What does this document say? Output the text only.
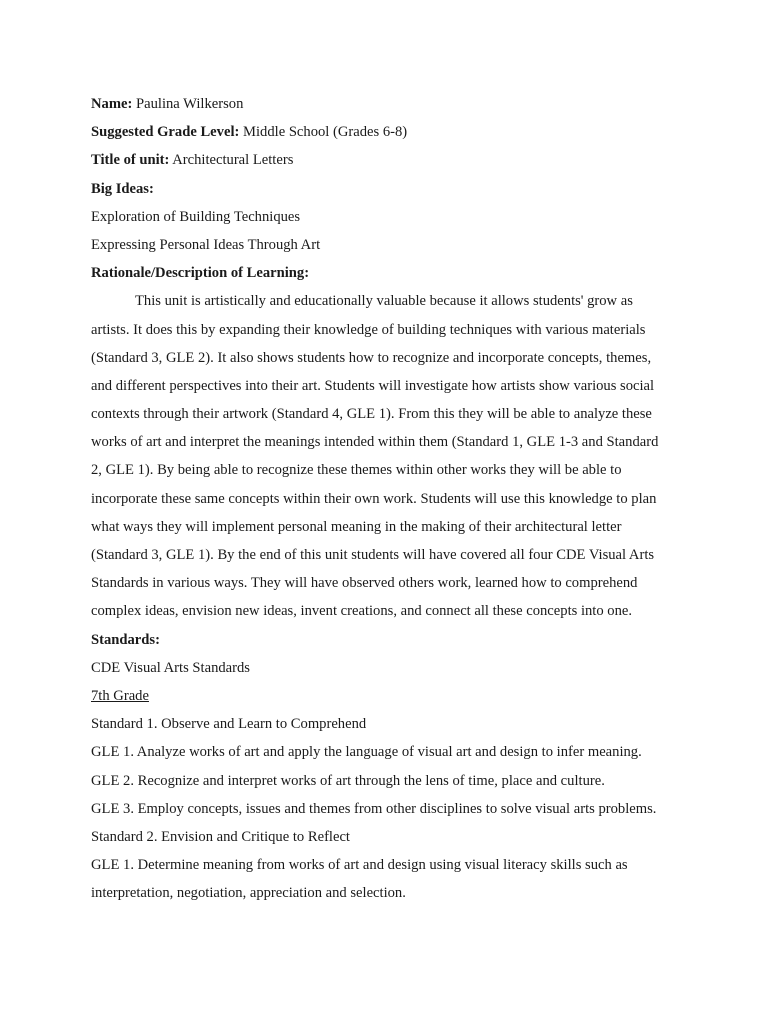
Name: Paulina Wilkerson
Suggested Grade Level: Middle School (Grades 6-8)
Title of unit: Architectural Letters
Big Ideas:
Exploration of Building Techniques
Expressing Personal Ideas Through Art
Rationale/Description of Learning:
This unit is artistically and educationally valuable because it allows students' grow as
artists. It does this by expanding their knowledge of building techniques with various materials
(Standard 3, GLE 2). It also shows students how to recognize and incorporate concepts, themes,
and different perspectives into their art. Students will investigate how artists show various social
contexts through their artwork (Standard 4, GLE 1). From this they will be able to analyze these
works of art and interpret the meanings intended within them (Standard 1, GLE 1-3 and Standard
2, GLE 1). By being able to recognize these themes within other works they will be able to
incorporate these same concepts within their own work. Students will use this knowledge to plan
what ways they will implement personal meaning in the making of their architectural letter
(Standard 3, GLE 1). By the end of this unit students will have covered all four CDE Visual Arts
Standards in various ways. They will have observed others work, learned how to comprehend
complex ideas, envision new ideas, invent creations, and connect all these concepts into one.
Standards:
CDE Visual Arts Standards
7th Grade
Standard 1. Observe and Learn to Comprehend
GLE 1. Analyze works of art and apply the language of visual art and design to infer meaning.
GLE 2. Recognize and interpret works of art through the lens of time, place and culture.
GLE 3. Employ concepts, issues and themes from other disciplines to solve visual arts problems.
Standard 2. Envision and Critique to Reflect
GLE 1. Determine meaning from works of art and design using visual literacy skills such as
interpretation, negotiation, appreciation and selection.
